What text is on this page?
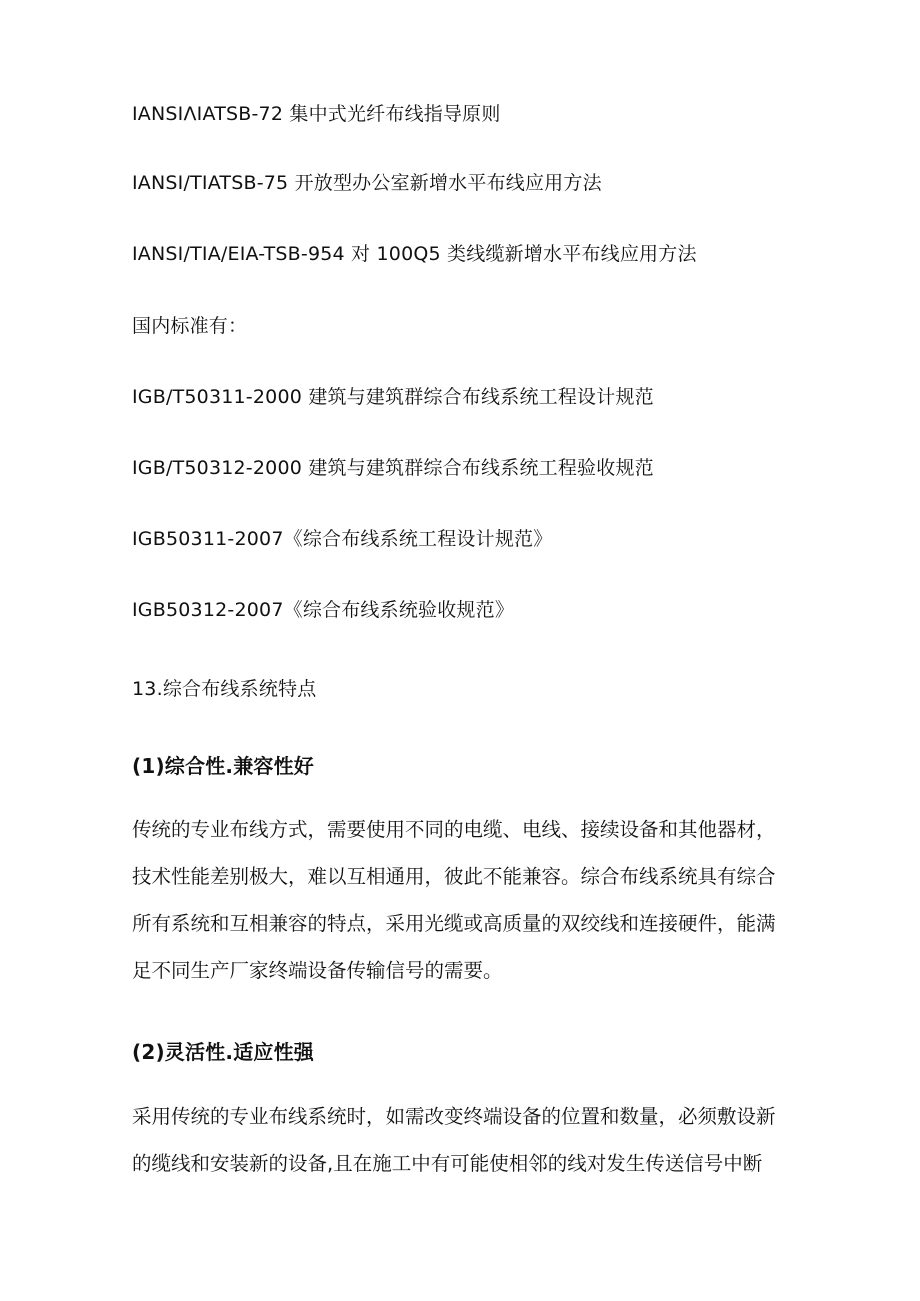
IANSIΛIATSB-72 集中式光纤布线指导原则
IANSI/TIATSB-75 开放型办公室新增水平布线应用方法
IANSI/TIA/EIA-TSB-954 对 100Q5 类线缆新增水平布线应用方法
国内标准有：
IGB/T50311-2000 建筑与建筑群综合布线系统工程设计规范
IGB/T50312-2000 建筑与建筑群综合布线系统工程验收规范
IGB50311-2007《综合布线系统工程设计规范》
IGB50312-2007《综合布线系统验收规范》
13.综合布线系统特点
(1)综合性.兼容性好
传统的专业布线方式，需要使用不同的电缆、电线、接续设备和其他器材，
技术性能差别极大，难以互相通用，彼此不能兼容。综合布线系统具有综合
所有系统和互相兼容的特点，采用光缆或高质量的双绞线和连接硬件，能满
足不同生产厂家终端设备传输信号的需要。
(2)灵活性.适应性强
采用传统的专业布线系统时，如需改变终端设备的位置和数量，必须敷设新
的缆线和安装新的设备,且在施工中有可能使相邻的线对发生传送信号中断
